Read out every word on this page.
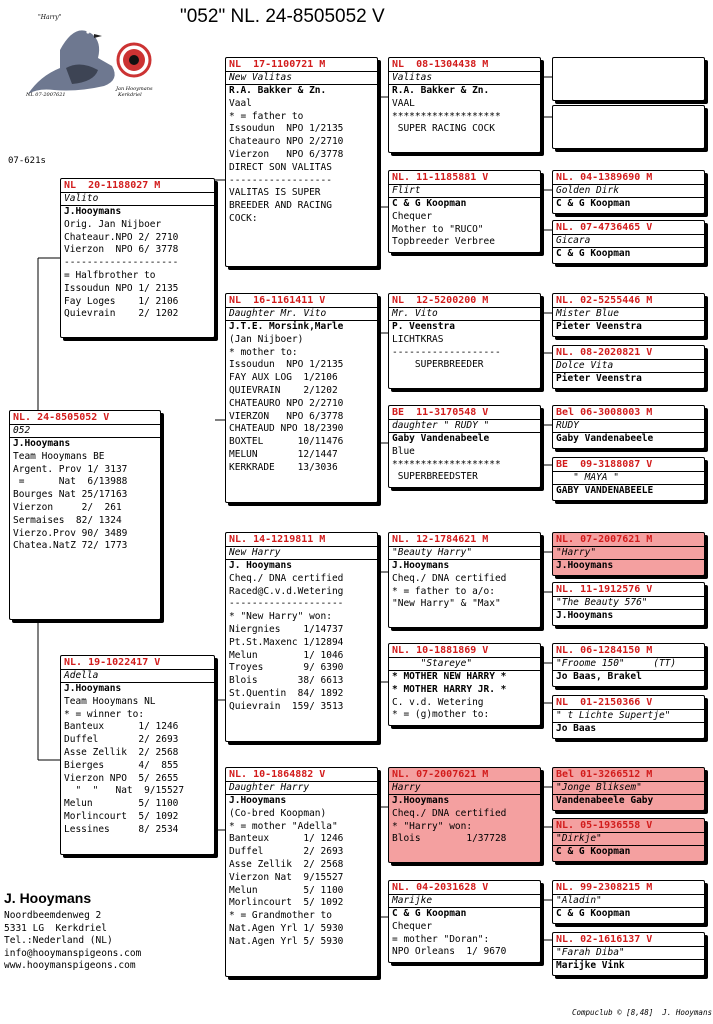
"052" NL. 24-8505052 V
"Harry"
NL 07-2007621
Jan Hooymans
Kerkdriel
07-621s
NL. 24-8505052 V
052
J.Hooymans
Team Hooymans BE
Argent. Prov 1/ 3137
=      Nat  6/13988
Bourges Nat 25/17163
Vierzon     2/  261
Sermaises  82/ 1324
Vierzo.Prov 90/ 3489
Chatea.NatZ 72/ 1773
NL  20-1188027 M
Valito
J.Hooymans
Orig. Jan Nijboer
Chateaur.NPO 2/ 2710
Vierzon  NPO 6/ 3778
--------------------
= Halfbrother to
Issoudun NPO 1/ 2135
Fay Loges    1/ 2106
Quievrain    2/ 1202
NL. 19-1022417 V
Adella
J.Hooymans
Team Hooymans NL
* = winner to:
Banteux      1/ 1246
Duffel       2/ 2693
Asse Zellik  2/ 2568
Bierges      4/  855
Vierzon NPO  5/ 2655
"  "   Nat  9/15527
Melun        5/ 1100
Morlincourt  5/ 1092
Lessines     8/ 2534
NL  17-1100721 M
New Valitas
R.A. Bakker & Zn.
Vaal
* = father to
Issoudun  NPO 1/2135
Chateauro NPO 2/2710
Vierzon   NPO 6/3778
DIRECT SON VALITAS
------------------
VALITAS IS SUPER
BREEDER AND RACING
COCK:
NL  16-1161411 V
Daughter Mr. Vito
J.T.E. Morsink,Marle
(Jan Nijboer)
* mother to:
Issoudun  NPO 1/2135
FAY AUX LOG  1/2106
QUIEVRAIN    2/1202
CHATEAURO NPO 2/2710
VIERZON   NPO 6/3778
CHATEAUD NPO 18/2390
BOXTEL      10/11476
MELUN       12/1447
KERKRADE    13/3036
NL. 14-1219811 M
New Harry
J. Hooymans
Cheq./ DNA certified
Raced@C.v.d.Wetering
--------------------
* "New Harry" won:
Niergnies    1/14737
Pt.St.Maxenc 1/12894
Melun        1/ 1046
Troyes       9/ 6390
Blois       38/ 6613
St.Quentin  84/ 1892
Quievrain  159/ 3513
NL. 10-1864882 V
Daughter Harry
J.Hooymans
(Co-bred Koopman)
* = mother "Adella"
Banteux      1/ 1246
Duffel       2/ 2693
Asse Zellik  2/ 2568
Vierzon Nat  9/15527
Melun        5/ 1100
Morlincourt  5/ 1092
* = Grandmother to
Nat.Agen Yrl 1/ 5930
Nat.Agen Yrl 5/ 5930
NL  08-1304438 M
Valitas
R.A. Bakker & Zn.
VAAL
*******************
SUPER RACING COCK
NL. 11-1185881 V
Flirt
C & G Koopman
Chequer
Mother to "RUCO"
Topbreeder Verbree
NL  12-5200200 M
Mr. Vito
P. Veenstra
LICHTKRAS
-------------------
SUPERBREEDER
BE  11-3170548 V
daughter " RUDY "
Gaby Vandenabeele
Blue
*******************
SUPERBREEDSTER
NL. 12-1784621 M
"Beauty Harry"
J.Hooymans
Cheq./ DNA certified
* = father to a/o:
"New Harry" & "Max"
NL. 10-1881869 V
"Stareye"
* MOTHER NEW HARRY *
* MOTHER HARRY JR. *
C. v.d. Wetering
* = (g)mother to:
NL. 07-2007621 M
Harry
J.Hooymans
Cheq./ DNA certified
* "Harry" won:
Blois        1/37728
NL. 04-2031628 V
Marijke
C & G Koopman
Chequer
= mother "Doran":
NPO Orleans  1/ 9670
NL. 04-1389690 M
Golden Dirk
C & G Koopman
NL. 07-4736465 V
Gicara
C & G Koopman
NL. 02-5255446 M
Mister Blue
Pieter Veenstra
NL. 08-2020821 V
Dolce Vita
Pieter Veenstra
Bel 06-3008003 M
RUDY
Gaby Vandenabeele
BE  09-3188087 V
" MAYA "
GABY VANDENABEELE
NL. 07-2007621 M
"Harry"
J.Hooymans
NL. 11-1912576 V
"The Beauty 576"
J.Hooymans
NL. 06-1284150 M
"Froome 150"     (TT)
Jo Baas, Brakel
NL  01-2150366 V
" t Lichte Supertje"
Jo Baas
Bel 01-3266512 M
"Jonge Bliksem"
Vandenabeele Gaby
NL. 05-1936558 V
"Dirkje"
C & G Koopman
NL. 99-2308215 M
"Aladin"
C & G Koopman
NL. 02-1616137 V
"Farah Diba"
Marijke Vink
J. Hooymans
Noordbeemdenweg 2
5331 LG  Kerkdriel
Tel.:Nederland (NL)
info@hooymanspigeons.com
www.hooymanspigeons.com
Compuclub © [8,48]  J. Hooymans
